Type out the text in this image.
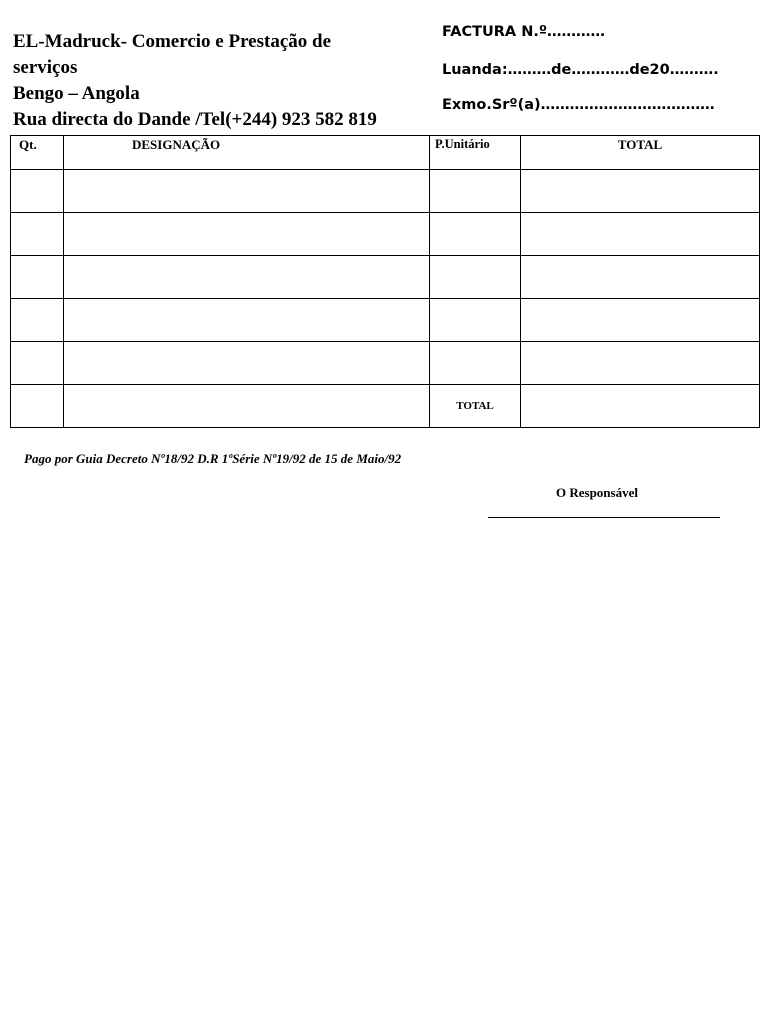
EL-Madruck- Comercio e Prestação de
serviços
Bengo – Angola
Rua directa do Dande /Tel(+244) 923 582 819
FACTURA N.º…………
Luanda:………de…………de20……….
Exmo.Srº(a)………………………………
Qt.	DESIGNAÇÃO	P.Unitário	TOTAL

		TOTAL	
Pago por Guia Decreto Nº18/92 D.R 1ºSérie Nº19/92 de 15 de Maio/92
O Responsável
